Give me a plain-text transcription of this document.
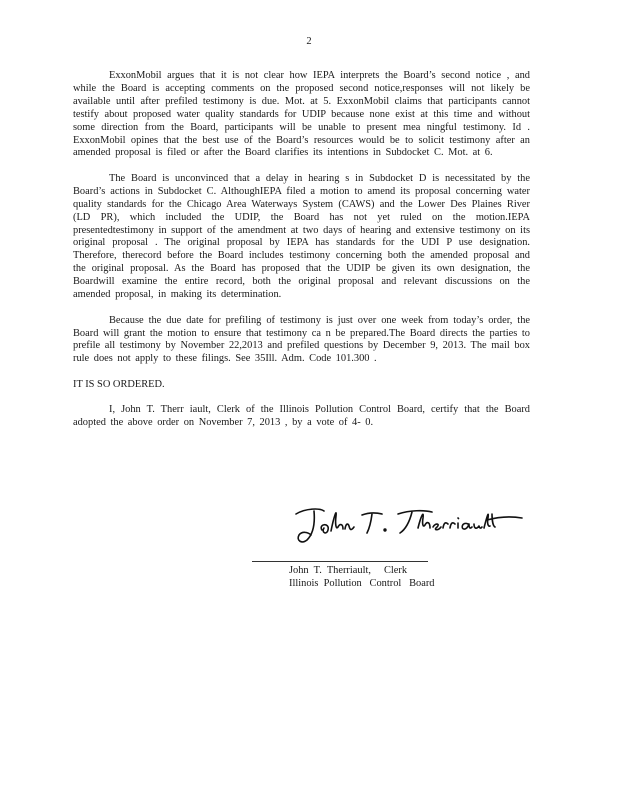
2

ExxonMobil argues that it is not clear how IEPA interprets the Board’s second notice , and while the Board is accepting comments on the proposed second notice,responses will not likely be available until after prefiled testimony is due. Mot. at 5. ExxonMobil claims that participants cannot testify about proposed water quality standards for UDIP because none exist at this time and without some direction from the Board, participants will be unable to present mea ningful testimony. Id . ExxonMobil opines that the best use of the Board’s resources would be to solicit testimony after an amended proposal is filed or after the Board clarifies its intentions in Subdocket C. Mot. at 6.

The Board is unconvinced that a delay in hearing s in Subdocket D is necessitated by the Board’s actions in Subdocket C. AlthoughIEPA filed a motion to amend its proposal concerning water quality standards for the Chicago Area Waterways System (CAWS) and the Lower Des Plaines River (LD PR), which included the UDIP, the Board has not yet ruled on the motion.IEPA presentedtestimony in support of the amendment at two days of hearing and extensive testimony on its original proposal . The original proposal by IEPA has standards for the UDI P use designation. Therefore, therecord before the Board includes testimony concerning both the amended proposal and the original proposal. As the Board has proposed that the UDIP be given its own designation, the Boardwill examine the entire record, both the original proposal and relevant discussions on the amended proposal, in making its determination.

Because the due date for prefiling of testimony is just over one week from today’s order, the Board will grant the motion to ensure that testimony ca n be prepared.The Board directs the parties to prefile all testimony by November 22,2013 and prefiled questions by December 9, 2013. The mail box rule does not apply to these filings. See 35Ill. Adm. Code 101.300 .

IT IS SO ORDERED.

I, John T. Therr iault, Clerk of the Illinois Pollution Control Board, certify that the Board adopted the above order on November 7, 2013 , by a vote of 4- 0.

John  T.  Therriault,     Clerk
Illinois  Pollution   Control   Board
